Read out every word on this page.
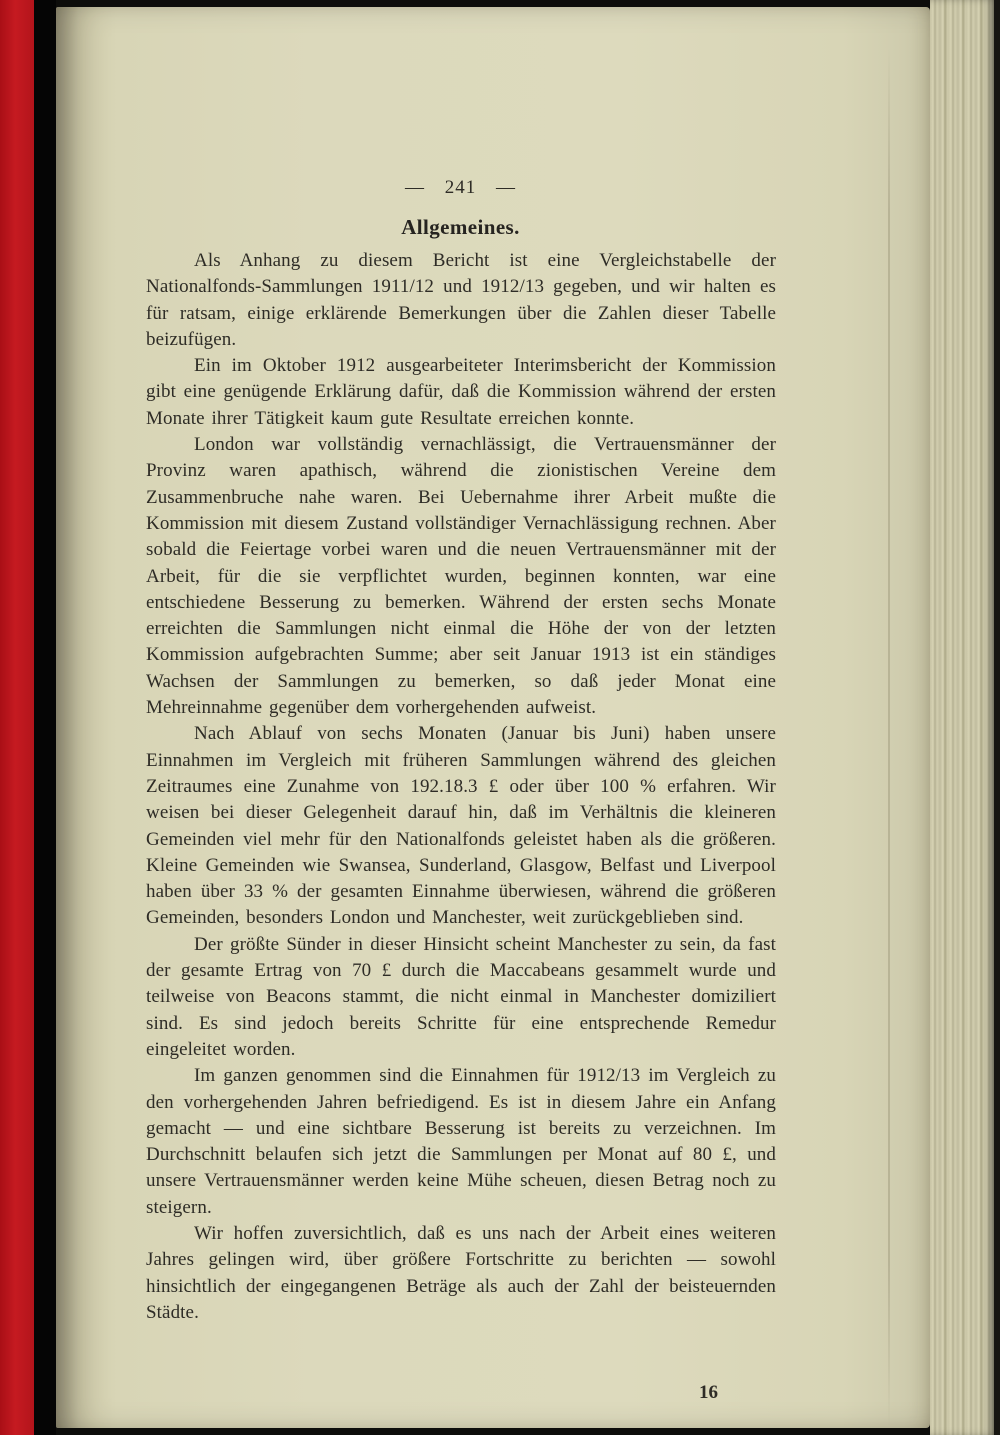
— 241 —
Allgemeines.

Als Anhang zu diesem Bericht ist eine Vergleichstabelle der Nationalfonds-Sammlungen 1911/12 und 1912/13 gegeben, und wir halten es für ratsam, einige erklärende Bemerkungen über die Zahlen dieser Tabelle beizufügen.

Ein im Oktober 1912 ausgearbeiteter Interimsbericht der Kommission gibt eine genügende Erklärung dafür, daß die Kommission während der ersten Monate ihrer Tätigkeit kaum gute Resultate erreichen konnte.

London war vollständig vernachlässigt, die Vertrauensmänner der Provinz waren apathisch, während die zionistischen Vereine dem Zusammenbruche nahe waren. Bei Uebernahme ihrer Arbeit mußte die Kommission mit diesem Zustand vollständiger Vernachlässigung rechnen. Aber sobald die Feiertage vorbei waren und die neuen Vertrauensmänner mit der Arbeit, für die sie verpflichtet wurden, beginnen konnten, war eine entschiedene Besserung zu bemerken. Während der ersten sechs Monate erreichten die Sammlungen nicht einmal die Höhe der von der letzten Kommission aufgebrachten Summe; aber seit Januar 1913 ist ein ständiges Wachsen der Sammlungen zu bemerken, so daß jeder Monat eine Mehreinnahme gegenüber dem vorhergehenden aufweist.

Nach Ablauf von sechs Monaten (Januar bis Juni) haben unsere Einnahmen im Vergleich mit früheren Sammlungen während des gleichen Zeitraumes eine Zunahme von 192.18.3 £ oder über 100 % erfahren. Wir weisen bei dieser Gelegenheit darauf hin, daß im Verhältnis die kleineren Gemeinden viel mehr für den Nationalfonds geleistet haben als die größeren. Kleine Gemeinden wie Swansea, Sunderland, Glasgow, Belfast und Liverpool haben über 33 % der gesamten Einnahme überwiesen, während die größeren Gemeinden, besonders London und Manchester, weit zurückgeblieben sind.

Der größte Sünder in dieser Hinsicht scheint Manchester zu sein, da fast der gesamte Ertrag von 70 £ durch die Maccabeans gesammelt wurde und teilweise von Beacons stammt, die nicht einmal in Manchester domiziliert sind. Es sind jedoch bereits Schritte für eine entsprechende Remedur eingeleitet worden.

Im ganzen genommen sind die Einnahmen für 1912/13 im Vergleich zu den vorhergehenden Jahren befriedigend. Es ist in diesem Jahre ein Anfang gemacht — und eine sichtbare Besserung ist bereits zu verzeichnen. Im Durchschnitt belaufen sich jetzt die Sammlungen per Monat auf 80 £, und unsere Vertrauensmänner werden keine Mühe scheuen, diesen Betrag noch zu steigern.

Wir hoffen zuversichtlich, daß es uns nach der Arbeit eines weiteren Jahres gelingen wird, über größere Fortschritte zu berichten — sowohl hinsichtlich der eingegangenen Beträge als auch der Zahl der beisteuernden Städte.

16
